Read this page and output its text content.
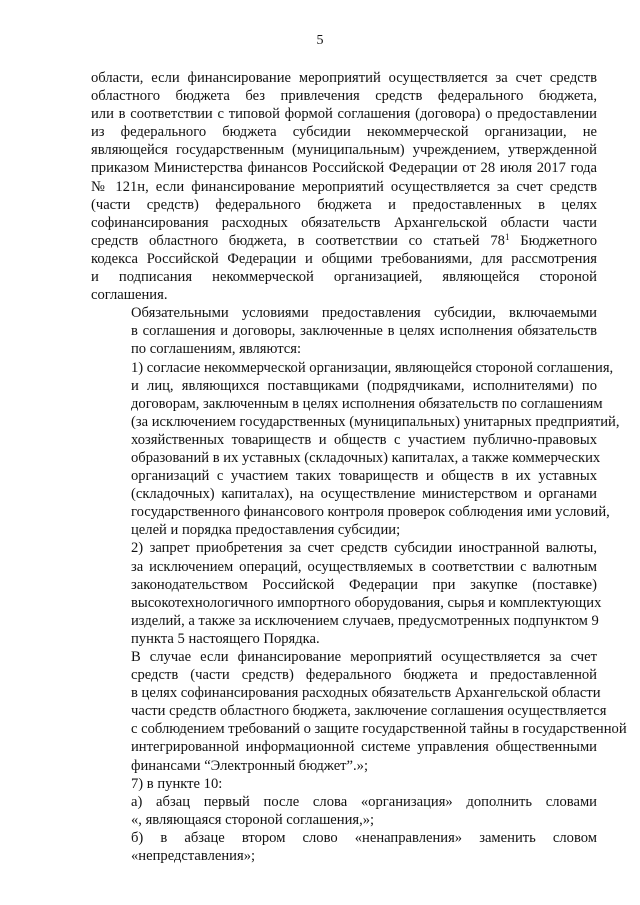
5
области, если финансирование мероприятий осуществляется за счет средств
областного бюджета без привлечения средств федерального бюджета,
или в соответствии с типовой формой соглашения (договора) о предоставлении
из федерального бюджета субсидии некоммерческой организации, не
являющейся государственным (муниципальным) учреждением, утвержденной
приказом Министерства финансов Российской Федерации от 28 июля 2017 года
№ 121н, если финансирование мероприятий осуществляется за счет средств
(части средств) федерального бюджета и предоставленных в целях
софинансирования расходных обязательств Архангельской области части
средств областного бюджета, в соответствии со статьей $78^1$ Бюджетного
кодекса Российской Федерации и общими требованиями, для рассмотрения
и подписания некоммерческой организацией, являющейся стороной
соглашения.
Обязательными условиями предоставления субсидии, включаемыми
в соглашения и договоры, заключенные в целях исполнения обязательств
по соглашениям, являются:
1) согласие некоммерческой организации, являющейся стороной соглашения,
и лиц, являющихся поставщиками (подрядчиками, исполнителями) по
договорам, заключенным в целях исполнения обязательств по соглашениям
(за исключением государственных (муниципальных) унитарных предприятий,
хозяйственных товариществ и обществ с участием публично-правовых
образований в их уставных (складочных) капиталах, а также коммерческих
организаций с участием таких товариществ и обществ в их уставных
(складочных) капиталах), на осуществление министерством и органами
государственного финансового контроля проверок соблюдения ими условий,
целей и порядка предоставления субсидии;
2) запрет приобретения за счет средств субсидии иностранной валюты,
за исключением операций, осуществляемых в соответствии с валютным
законодательством Российской Федерации при закупке (поставке)
высокотехнологичного импортного оборудования, сырья и комплектующих
изделий, а также за исключением случаев, предусмотренных подпунктом 9
пункта 5 настоящего Порядка.
В случае если финансирование мероприятий осуществляется за счет
средств (части средств) федерального бюджета и предоставленной
в целях софинансирования расходных обязательств Архангельской области
части средств областного бюджета, заключение соглашения осуществляется
с соблюдением требований о защите государственной тайны в государственной
интегрированной информационной системе управления общественными
финансами “Электронный бюджет”.»;
7) в пункте 10:
а) абзац первый после слова «организация» дополнить словами
«, являющаяся стороной соглашения,»;
б) в абзаце втором слово «ненаправления» заменить словом
«непредставления»;
